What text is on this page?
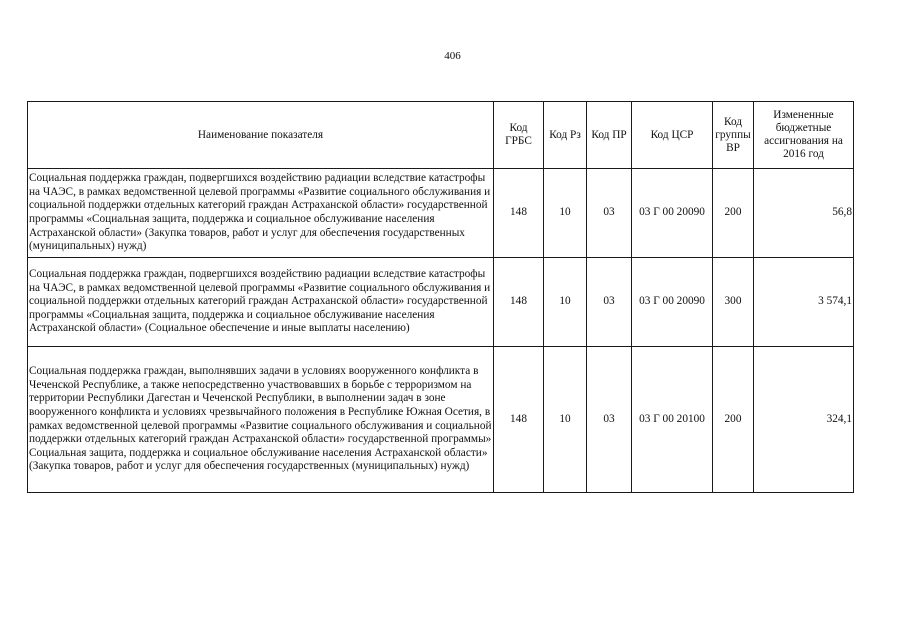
406
Наименование показателя	Код ГРБС	Код Рз	Код ПР	Код ЦСР	Код группы ВР	Измененные бюджетные ассигнования на 2016 год
Социальная поддержка граждан, подвергшихся воздействию радиации вследствие катастрофы на ЧАЭС, в рамках ведомственной целевой программы «Развитие социального обслуживания и социальной поддержки отдельных категорий граждан Астраханской области» государственной программы «Социальная защита, поддержка и социальное обслуживание населения Астраханской области» (Закупка товаров, работ и услуг для обеспечения государственных (муниципальных) нужд)	148	10	03	03 Г 00 20090	200	56,8
Социальная поддержка граждан, подвергшихся воздействию радиации вследствие катастрофы на ЧАЭС, в рамках ведомственной целевой программы «Развитие социального обслуживания и социальной поддержки отдельных категорий граждан Астраханской области» государственной программы «Социальная защита, поддержка и социальное обслуживание населения Астраханской области» (Социальное обеспечение и иные выплаты населению)	148	10	03	03 Г 00 20090	300	3 574,1
Социальная поддержка граждан, выполнявших задачи в условиях вооруженного конфликта в Чеченской Республике, а также непосредственно участвовавших в борьбе с терроризмом на территории Республики Дагестан и Чеченской Республики, в выполнении задач в зоне вооруженного конфликта и условиях чрезвычайного положения в Республике Южная Осетия, в рамках ведомственной целевой программы «Развитие социального обслуживания и социальной поддержки отдельных категорий граждан Астраханской области» государственной программы» Социальная защита, поддержка и социальное обслуживание населения Астраханской области» (Закупка товаров, работ и услуг для обеспечения государственных (муниципальных) нужд)	148	10	03	03 Г 00 20100	200	324,1
